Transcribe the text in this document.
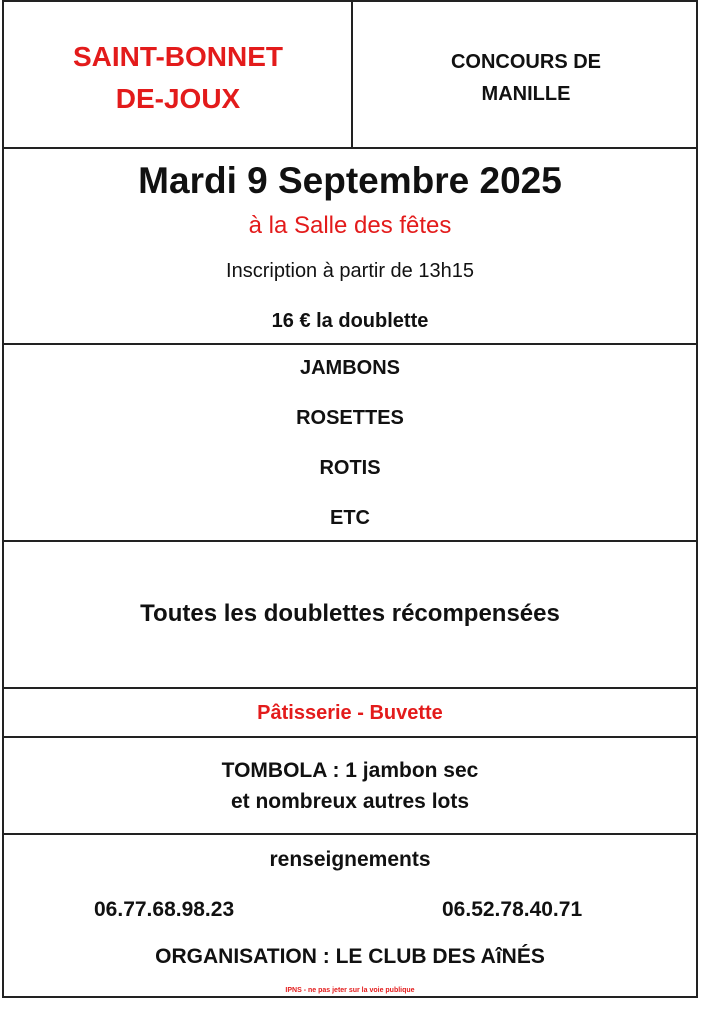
SAINT-BONNET
DE-JOUX
CONCOURS DE
MANILLE
Mardi 9 Septembre 2025
à la Salle des fêtes
Inscription à partir de 13h15
16 € la doublette
JAMBONS
ROSETTES
ROTIS
ETC
Toutes les doublettes récompensées
Pâtisserie - Buvette
TOMBOLA : 1 jambon sec
et nombreux autres lots
renseignements
06.77.68.98.23	06.52.78.40.71
ORGANISATION : LE CLUB DES AîNÉS
IPNS - ne pas jeter sur la voie publique
